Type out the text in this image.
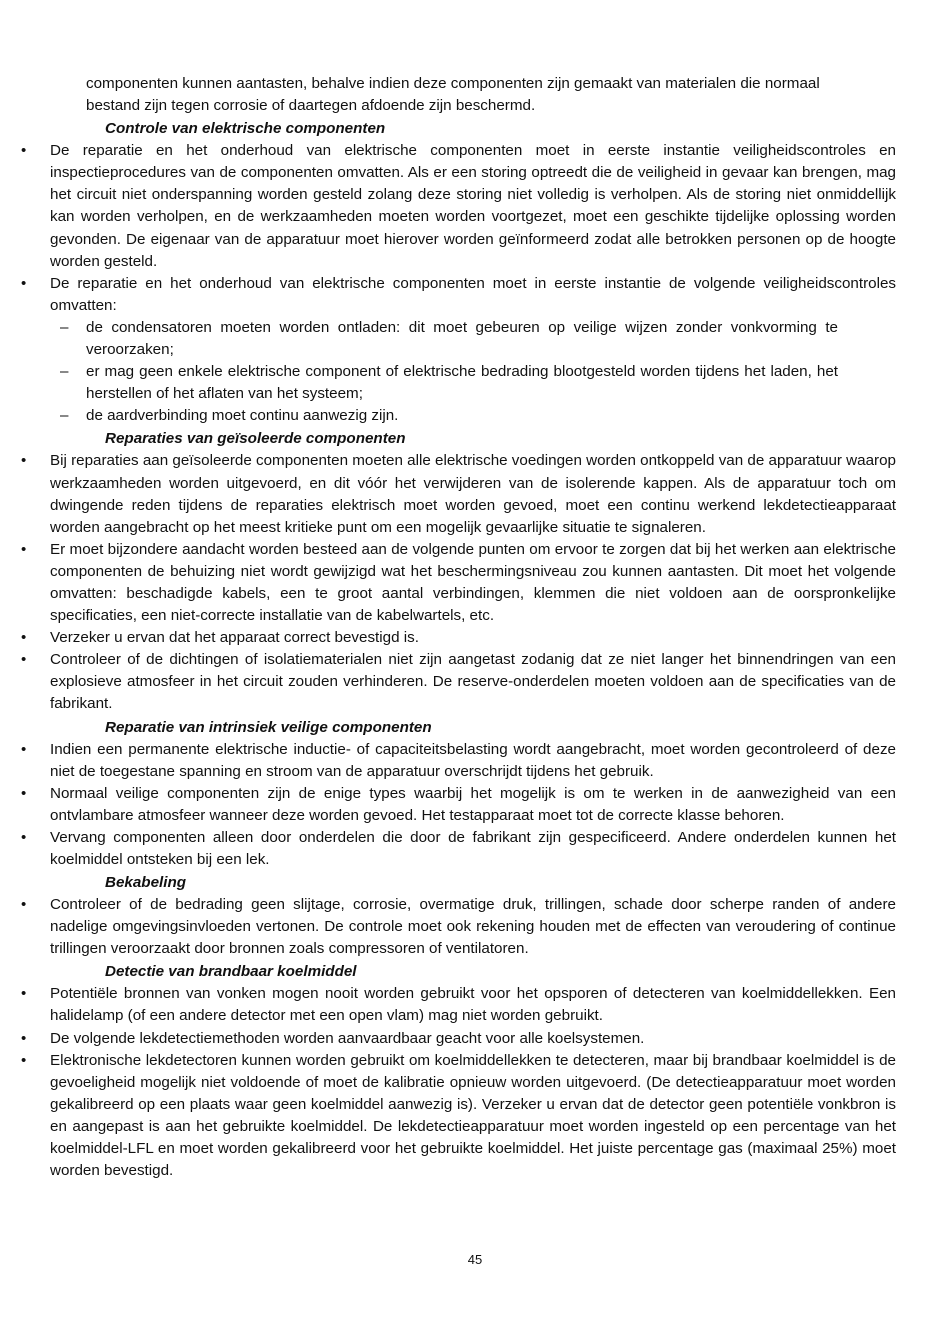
componenten kunnen aantasten, behalve indien deze componenten zijn gemaakt van materialen die normaal bestand zijn tegen corrosie of daartegen afdoende zijn beschermd.
Controle van elektrische componenten
• De reparatie en het onderhoud van elektrische componenten moet in eerste instantie veiligheidscontroles en inspectieprocedures van de componenten omvatten. Als er een storing optreedt die de veiligheid in gevaar kan brengen, mag het circuit niet onderspanning worden gesteld zolang deze storing niet volledig is verholpen. Als de storing niet onmiddellijk kan worden verholpen, en de werkzaamheden moeten worden voortgezet, moet een geschikte tijdelijke oplossing worden gevonden. De eigenaar van de apparatuur moet hierover worden geïnformeerd zodat alle betrokken personen op de hoogte worden gesteld.
• De reparatie en het onderhoud van elektrische componenten moet in eerste instantie de volgende veiligheidscontroles omvatten:
– de condensatoren moeten worden ontladen: dit moet gebeuren op veilige wijzen zonder vonkvorming te veroorzaken;
– er mag geen enkele elektrische component of elektrische bedrading blootgesteld worden tijdens het laden, het herstellen of het aflaten van het systeem;
– de aardverbinding moet continu aanwezig zijn.
Reparaties van geïsoleerde componenten
• Bij reparaties aan geïsoleerde componenten moeten alle elektrische voedingen worden ontkoppeld van de apparatuur waarop werkzaamheden worden uitgevoerd, en dit vóór het verwijderen van de isolerende kappen. Als de apparatuur toch om dwingende reden tijdens de reparaties elektrisch moet worden gevoed, moet een continu werkend lekdetectieapparaat worden aangebracht op het meest kritieke punt om een mogelijk gevaarlijke situatie te signaleren.
• Er moet bijzondere aandacht worden besteed aan de volgende punten om ervoor te zorgen dat bij het werken aan elektrische componenten de behuizing niet wordt gewijzigd wat het beschermingsniveau zou kunnen aantasten. Dit moet het volgende omvatten: beschadigde kabels, een te groot aantal verbindingen, klemmen die niet voldoen aan de oorspronkelijke specificaties, een niet-correcte installatie van de kabelwartels, etc.
• Verzeker u ervan dat het apparaat correct bevestigd is.
• Controleer of de dichtingen of isolatiematerialen niet zijn aangetast zodanig dat ze niet langer het binnendringen van een explosieve atmosfeer in het circuit zouden verhinderen. De reserve-onderdelen moeten voldoen aan de specificaties van de fabrikant.
Reparatie van intrinsiek veilige componenten
• Indien een permanente elektrische inductie- of capaciteitsbelasting wordt aangebracht, moet worden gecontroleerd of deze niet de toegestane spanning en stroom van de apparatuur overschrijdt tijdens het gebruik.
• Normaal veilige componenten zijn de enige types waarbij het mogelijk is om te werken in de aanwezigheid van een ontvlambare atmosfeer wanneer deze worden gevoed. Het testapparaat moet tot de correcte klasse behoren.
• Vervang componenten alleen door onderdelen die door de fabrikant zijn gespecificeerd. Andere onderdelen kunnen het koelmiddel ontsteken bij een lek.
Bekabeling
• Controleer of de bedrading geen slijtage, corrosie, overmatige druk, trillingen, schade door scherpe randen of andere nadelige omgevingsinvloeden vertonen. De controle moet ook rekening houden met de effecten van veroudering of continue trillingen veroorzaakt door bronnen zoals compressoren of ventilatoren.
Detectie van brandbaar koelmiddel
• Potentiële bronnen van vonken mogen nooit worden gebruikt voor het opsporen of detecteren van koelmiddellekken. Een halidelamp (of een andere detector met een open vlam) mag niet worden gebruikt.
• De volgende lekdetectiemethoden worden aanvaardbaar geacht voor alle koelsystemen.
• Elektronische lekdetectoren kunnen worden gebruikt om koelmiddellekken te detecteren, maar bij brandbaar koelmiddel is de gevoeligheid mogelijk niet voldoende of moet de kalibratie opnieuw worden uitgevoerd. (De detectieapparatuur moet worden gekalibreerd op een plaats waar geen koelmiddel aanwezig is). Verzeker u ervan dat de detector geen potentiële vonkbron is en aangepast is aan het gebruikte koelmiddel. De lekdetectieapparatuur moet worden ingesteld op een percentage van het koelmiddel-LFL en moet worden gekalibreerd voor het gebruikte koelmiddel. Het juiste percentage gas (maximaal 25%) moet worden bevestigd.
45
